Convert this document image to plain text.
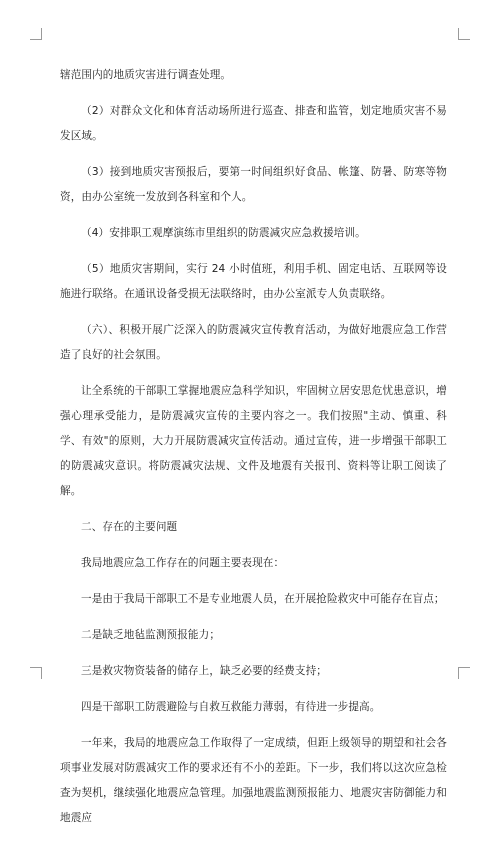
辖范围内的地质灾害进行调查处理。

（2）对群众文化和体育活动场所进行巡查、排查和监管，划定地质灾害不易发区域。

（3）接到地质灾害预报后，要第一时间组织好食品、帐篷、防暑、防寒等物资，由办公室统一发放到各科室和个人。

（4）安排职工观摩演练市里组织的防震减灾应急救援培训。

（5）地质灾害期间，实行 24 小时值班，利用手机、固定电话、互联网等设施进行联络。在通讯设备受损无法联络时，由办公室派专人负责联络。

（六）、积极开展广泛深入的防震减灾宣传教育活动，为做好地震应急工作营造了良好的社会氛围。

让全系统的干部职工掌握地震应急科学知识，牢固树立居安思危忧患意识，增强心理承受能力，是防震减灾宣传的主要内容之一。我们按照"主动、慎重、科学、有效"的原则，大力开展防震减灾宣传活动。通过宣传，进一步增强干部职工的防震减灾意识。将防震减灾法规、文件及地震有关报刊、资料等让职工阅读了解。

二、存在的主要问题

我局地震应急工作存在的问题主要表现在：

一是由于我局干部职工不是专业地震人员，在开展抢险救灾中可能存在盲点；

二是缺乏地毡监测预报能力；

三是救灾物资装备的储存上，缺乏必要的经费支持；

四是干部职工防震避险与自救互救能力薄弱，有待进一步提高。

一年来，我局的地震应急工作取得了一定成绩，但距上级领导的期望和社会各项事业发展对防震减灾工作的要求还有不小的差距。下一步，我们将以这次应急检查为契机，继续强化地震应急管理。加强地震监测预报能力、地震灾害防御能力和地震应
